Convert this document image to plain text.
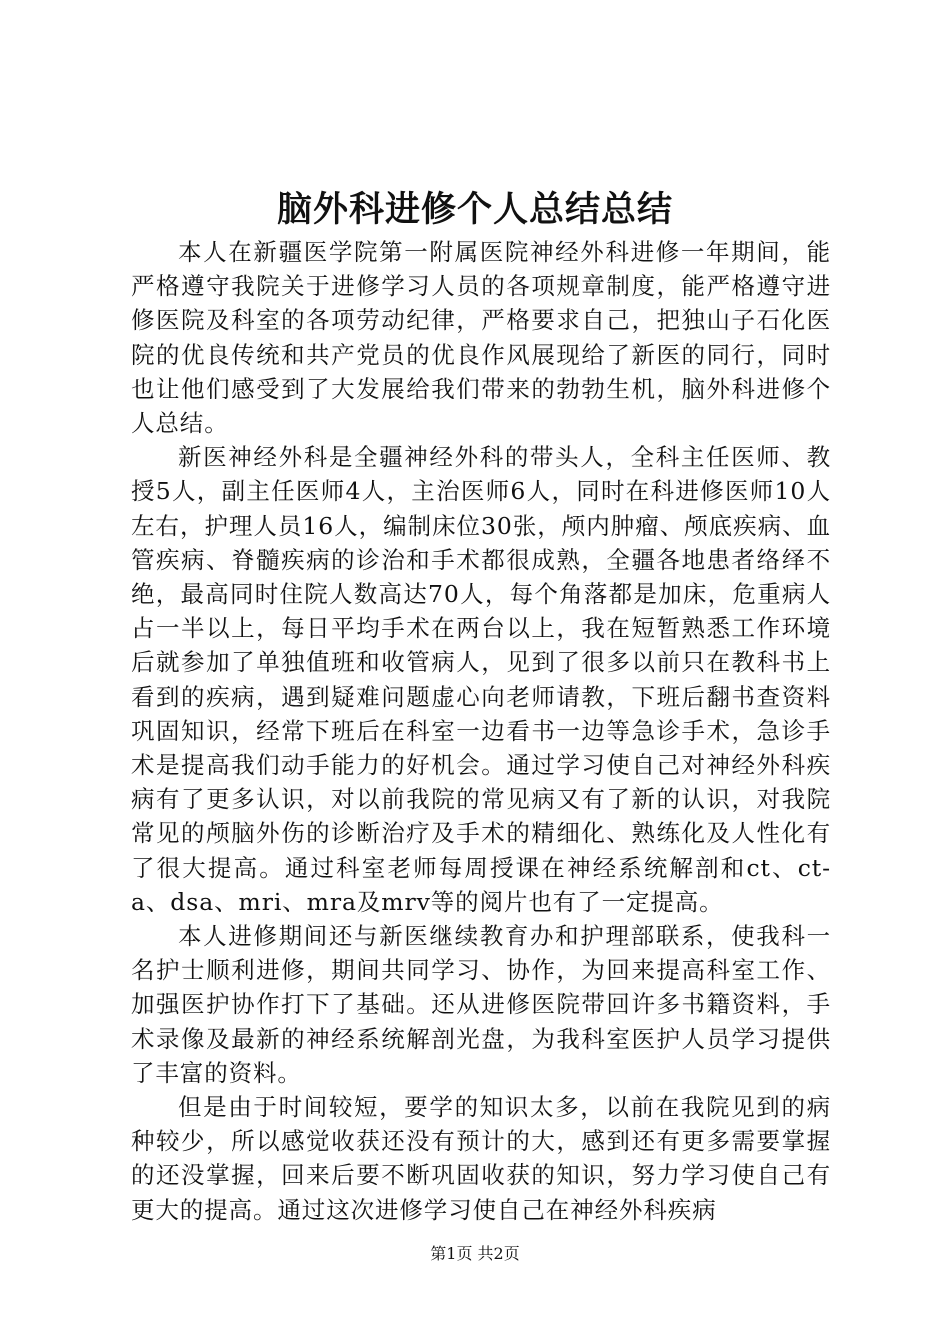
脑外科进修个人总结总结

本人在新疆医学院第一附属医院神经外科进修一年期间，能严格遵守我院关于进修学习人员的各项规章制度，能严格遵守进修医院及科室的各项劳动纪律，严格要求自己，把独山子石化医院的优良传统和共产党员的优良作风展现给了新医的同行，同时也让他们感受到了大发展给我们带来的勃勃生机，脑外科进修个人总结。

新医神经外科是全疆神经外科的带头人，全科主任医师、教授5人，副主任医师4人，主治医师6人，同时在科进修医师10人左右，护理人员16人，编制床位30张，颅内肿瘤、颅底疾病、血管疾病、脊髓疾病的诊治和手术都很成熟，全疆各地患者络绎不绝，最高同时住院人数高达70人，每个角落都是加床，危重病人占一半以上，每日平均手术在两台以上，我在短暂熟悉工作环境后就参加了单独值班和收管病人，见到了很多以前只在教科书上看到的疾病，遇到疑难问题虚心向老师请教，下班后翻书查资料巩固知识，经常下班后在科室一边看书一边等急诊手术，急诊手术是提高我们动手能力的好机会。通过学习使自己对神经外科疾病有了更多认识，对以前我院的常见病又有了新的认识，对我院常见的颅脑外伤的诊断治疗及手术的精细化、熟练化及人性化有了很大提高。通过科室老师每周授课在神经系统解剖和ct、ct-a、dsa、mri、mra及mrv等的阅片也有了一定提高。

本人进修期间还与新医继续教育办和护理部联系，使我科一名护士顺利进修，期间共同学习、协作，为回来提高科室工作、加强医护协作打下了基础。还从进修医院带回许多书籍资料，手术录像及最新的神经系统解剖光盘，为我科室医护人员学习提供了丰富的资料。

但是由于时间较短，要学的知识太多，以前在我院见到的病种较少，所以感觉收获还没有预计的大，感到还有更多需要掌握的还没掌握，回来后要不断巩固收获的知识，努力学习使自己有更大的提高。通过这次进修学习使自己在神经外科疾病

第1页 共2页
